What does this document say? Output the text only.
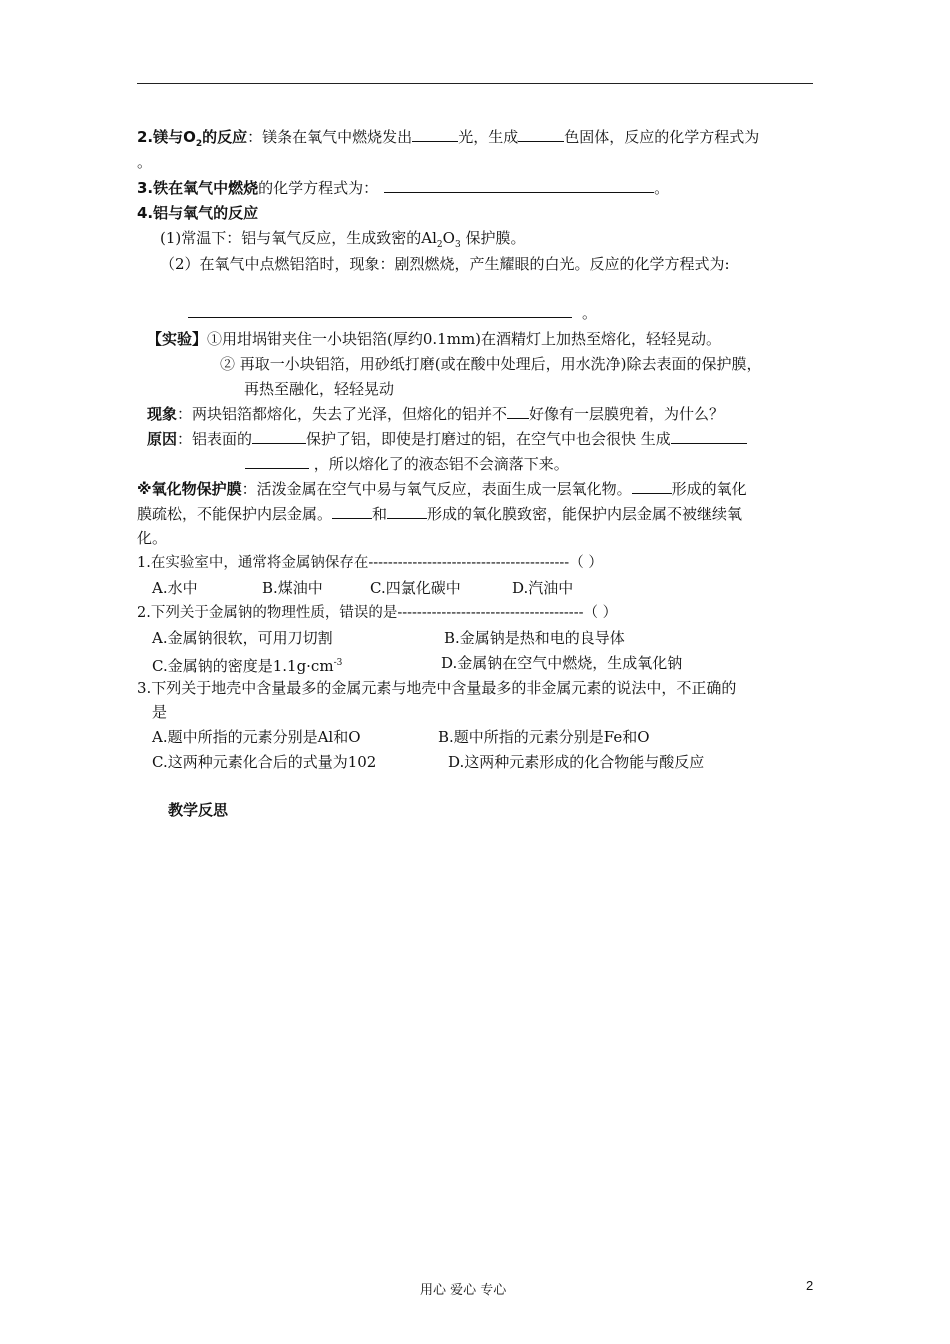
2.镁与$O_2$的反应：镁条在氧气中燃烧发出	光，生成	色固体，反应的化学方程式为
。
3.铁在氧气中燃烧的化学方程式为：	。
4.铝与氧气的反应
(1)常温下：铝与氧气反应，生成致密的$Al_2O_3$ 保护膜。
（2）在氧气中点燃铝箔时，现象：剧烈燃烧，产生耀眼的白光。反应的化学方程式为:
。
【实验】①用坩埚钳夹住一小块铝箔(厚约0.1mm)在酒精灯上加热至熔化，轻轻晃动。
② 再取一小块铝箔，用砂纸打磨(或在酸中处理后，用水洗净)除去表面的保护膜，
再热至融化，轻轻晃动
现象：两块铝箔都熔化，失去了光泽，但熔化的铝并不 好像有一层膜兜着，为什么？
原因：铝表面的	保护了铝，即使是打磨过的铝，在空气中也会很快 生成
，所以熔化了的液态铝不会滴落下来。
※氧化物保护膜：活泼金属在空气中易与氧气反应，表面生成一层氧化物。	形成的氧化
膜疏松，不能保护内层金属。	和	形成的氧化膜致密，能保护内层金属不被继续氧
化。
1.在实验室中，通常将金属钠保存在-----------------------------------------（ ）
A.水中	B.煤油中	C.四氯化碳中	D.汽油中
2.下列关于金属钠的物理性质，错误的是--------------------------------------（ ）
A.金属钠很软，可用刀切割	B.金属钠是热和电的良导体
C.金属钠的密度是$1.1g\cdot cm^{-3}$	D.金属钠在空气中燃烧，生成氧化钠
3.下列关于地壳中含量最多的金属元素与地壳中含量最多的非金属元素的说法中，不正确的
是
A.题中所指的元素分别是Al和O	B.题中所指的元素分别是Fe和O
C.这两种元素化合后的式量为102	D.这两种元素形成的化合物能与酸反应
教学反思
用心 爱心 专心	2
